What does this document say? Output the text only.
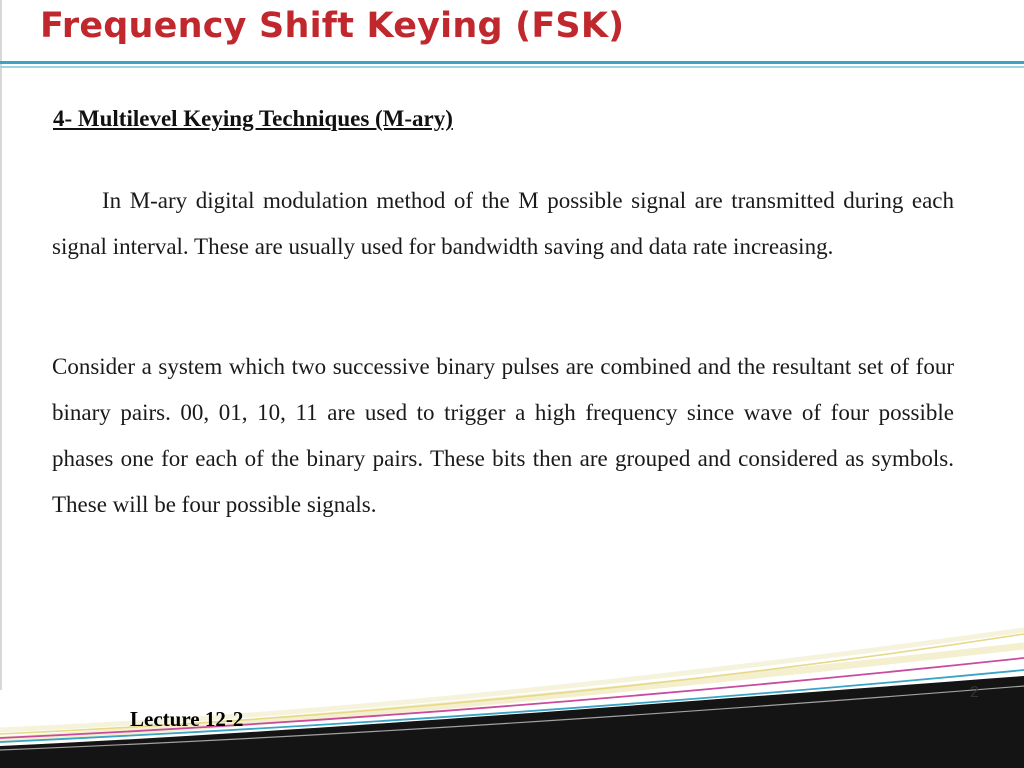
Frequency Shift Keying (FSK)
4- Multilevel Keying Techniques (M-ary)

In M-ary digital modulation method of the M possible signal are transmitted during each signal interval. These are usually used for bandwidth saving and data rate increasing.

Consider a system which two successive binary pulses are combined and the resultant set of four binary pairs. 00, 01, 10, 11 are used to trigger a high frequency since wave of four possible phases one for each of the binary pairs. These bits then are grouped and considered as symbols. These will be four possible signals.

Lecture 12-2
2
